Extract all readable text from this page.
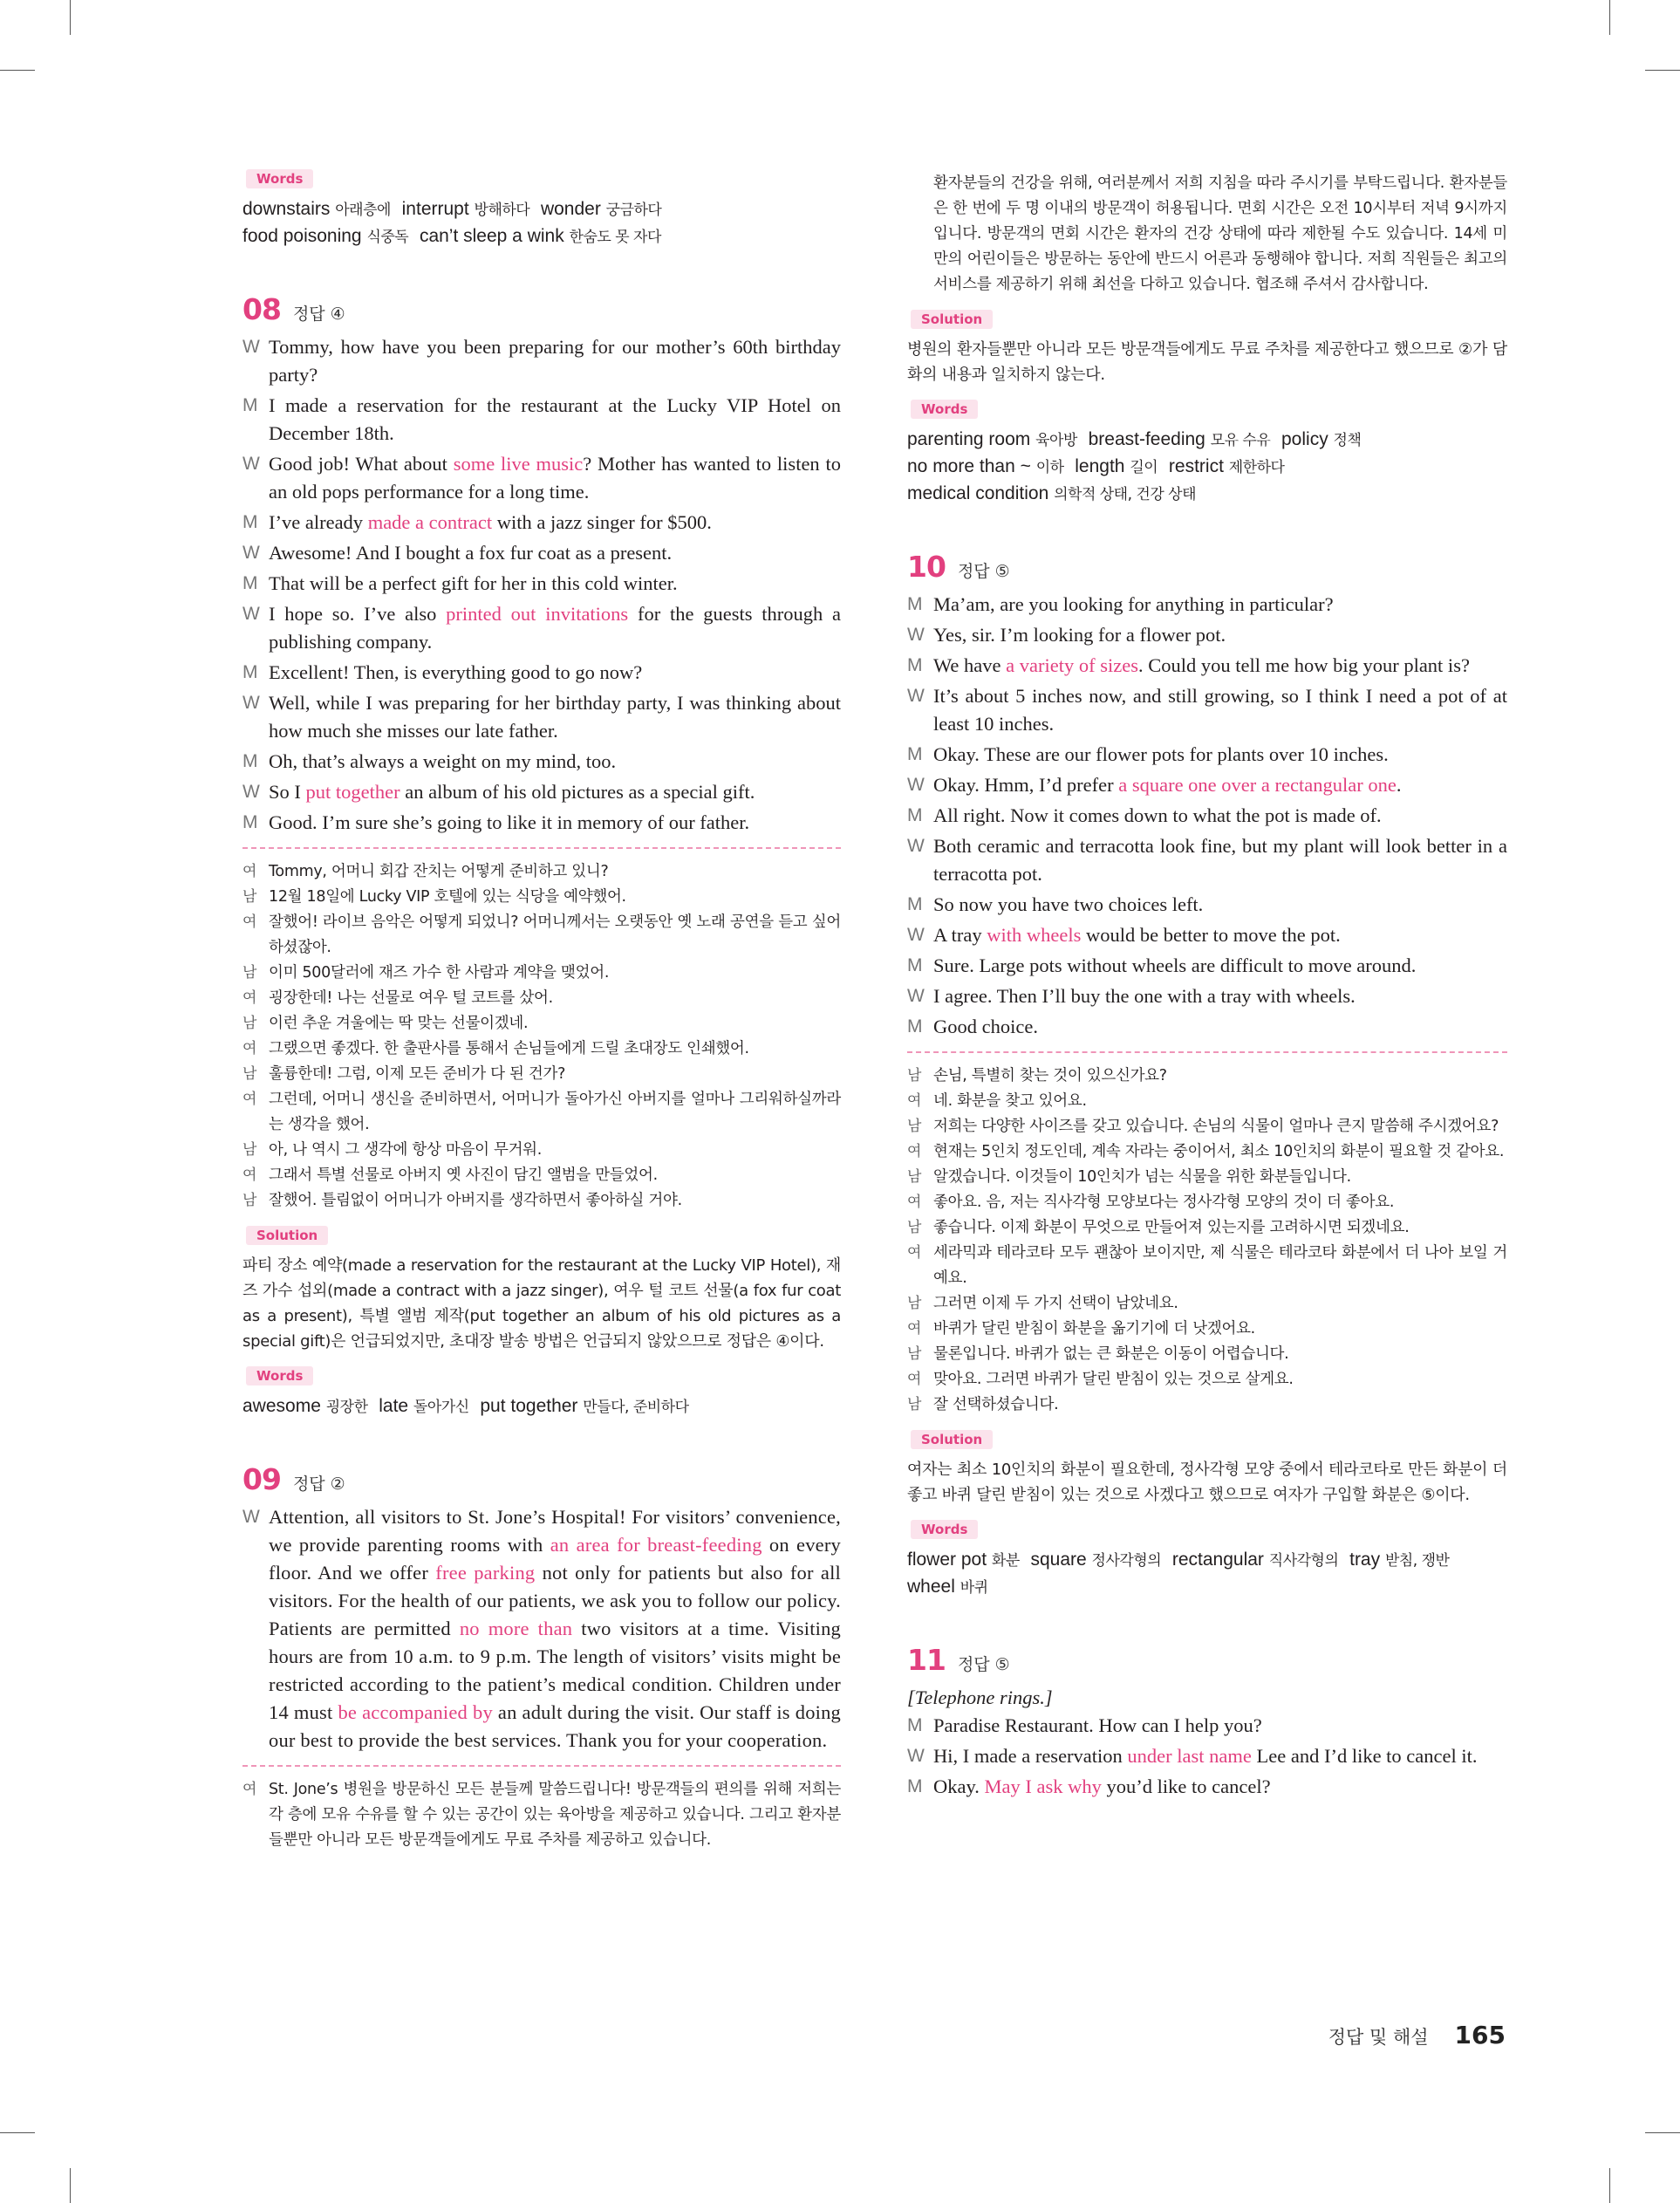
Words
downstairs 아래층에 interrupt 방해하다 wonder 궁금하다
food poisoning 식중독 can’t sleep a wink 한숨도 못 자다
08 정답 ④
W Tommy, how have you been preparing for our mother’s 60th birthday party?
M I made a reservation for the restaurant at the Lucky VIP Hotel on December 18th.
W Good job! What about some live music? Mother has wanted to listen to an old pops performance for a long time.
M I’ve already made a contract with a jazz singer for $500.
W Awesome! And I bought a fox fur coat as a present.
M That will be a perfect gift for her in this cold winter.
W I hope so. I’ve also printed out invitations for the guests through a publishing company.
M Excellent! Then, is everything good to go now?
W Well, while I was preparing for her birthday party, I was thinking about how much she misses our late father.
M Oh, that’s always a weight on my mind, too.
W So I put together an album of his old pictures as a special gift.
M Good. I’m sure she’s going to like it in memory of our father.
여 Tommy, 어머니 회갑 잔치는 어떻게 준비하고 있니?
남 12월 18일에 Lucky VIP 호텔에 있는 식당을 예약했어.
여 잘했어! 라이브 음악은 어떻게 되었니? 어머니께서는 오랫동안 옛 노래 공연을 듣고 싶어 하셨잖아.
남 이미 500달러에 재즈 가수 한 사람과 계약을 맺었어.
여 굉장한데! 나는 선물로 여우 털 코트를 샀어.
남 이런 추운 겨울에는 딱 맞는 선물이겠네.
여 그랬으면 좋겠다. 한 출판사를 통해서 손님들에게 드릴 초대장도 인쇄했어.
남 훌륭한데! 그럼, 이제 모든 준비가 다 된 건가?
여 그런데, 어머니 생신을 준비하면서, 어머니가 돌아가신 아버지를 얼마나 그리워하실까라는 생각을 했어.
남 아, 나 역시 그 생각에 항상 마음이 무거워.
여 그래서 특별 선물로 아버지 옛 사진이 담긴 앨범을 만들었어.
남 잘했어. 틀림없이 어머니가 아버지를 생각하면서 좋아하실 거야.
Solution

파티 장소 예약(made a reservation for the restaurant at the Lucky VIP Hotel), 재즈 가수 섭외(made a contract with a jazz singer), 여우 털 코트 선물(a fox fur coat as a present), 특별 앨범 제작(put together an album of his old pictures as a special gift)은 언급되었지만, 초대장 발송 방법은 언급되지 않았으므로 정답은 ④이다.

Words
awesome 굉장한 late 돌아가신 put together 만들다, 준비하다
09 정답 ②
W Attention, all visitors to St. Jone’s Hospital! For visitors’ convenience, we provide parenting rooms with an area for breast-feeding on every floor. And we offer free parking not only for patients but also for all visitors. For the health of our patients, we ask you to follow our policy. Patients are permitted no more than two visitors at a time. Visiting hours are from 10 a.m. to 9 p.m. The length of visitors’ visits might be restricted according to the patient’s medical condition. Children under 14 must be accompanied by an adult during the visit. Our staff is doing our best to provide the best services. Thank you for your cooperation.
여 St. Jone’s 병원을 방문하신 모든 분들께 말씀드립니다! 방문객들의 편의를 위해 저희는 각 층에 모유 수유를 할 수 있는 공간이 있는 육아방을 제공하고 있습니다. 그리고 환자분들뿐만 아니라 모든 방문객들에게도 무료 주차를 제공하고 있습니다.
환자분들의 건강을 위해, 여러분께서 저희 지침을 따라 주시기를 부탁드립니다. 환자분들은 한 번에 두 명 이내의 방문객이 허용됩니다. 면회 시간은 오전 10시부터 저녁 9시까지입니다. 방문객의 면회 시간은 환자의 건강 상태에 따라 제한될 수도 있습니다. 14세 미만의 어린이들은 방문하는 동안에 반드시 어른과 동행해야 합니다. 저희 직원들은 최고의 서비스를 제공하기 위해 최선을 다하고 있습니다. 협조해 주셔서 감사합니다.
Solution

병원의 환자들뿐만 아니라 모든 방문객들에게도 무료 주차를 제공한다고 했으므로 ②가 담화의 내용과 일치하지 않는다.

Words
parenting room 육아방 breast-feeding 모유 수유 policy 정책
no more than ~ 이하 length 길이 restrict 제한하다
medical condition 의학적 상태, 건강 상태
10 정답 ⑤
M Ma’am, are you looking for anything in particular?
W Yes, sir. I’m looking for a flower pot.
M We have a variety of sizes. Could you tell me how big your plant is?
W It’s about 5 inches now, and still growing, so I think I need a pot of at least 10 inches.
M Okay. These are our flower pots for plants over 10 inches.
W Okay. Hmm, I’d prefer a square one over a rectangular one.
M All right. Now it comes down to what the pot is made of.
W Both ceramic and terracotta look fine, but my plant will look better in a terracotta pot.
M So now you have two choices left.
W A tray with wheels would be better to move the pot.
M Sure. Large pots without wheels are difficult to move around.
W I agree. Then I’ll buy the one with a tray with wheels.
M Good choice.
남 손님, 특별히 찾는 것이 있으신가요?
여 네. 화분을 찾고 있어요.
남 저희는 다양한 사이즈를 갖고 있습니다. 손님의 식물이 얼마나 큰지 말씀해 주시겠어요?
여 현재는 5인치 정도인데, 계속 자라는 중이어서, 최소 10인치의 화분이 필요할 것 같아요.
남 알겠습니다. 이것들이 10인치가 넘는 식물을 위한 화분들입니다.
여 좋아요. 음, 저는 직사각형 모양보다는 정사각형 모양의 것이 더 좋아요.
남 좋습니다. 이제 화분이 무엇으로 만들어져 있는지를 고려하시면 되겠네요.
여 세라믹과 테라코타 모두 괜찮아 보이지만, 제 식물은 테라코타 화분에서 더 나아 보일 거예요.
남 그러면 이제 두 가지 선택이 남았네요.
여 바퀴가 달린 받침이 화분을 옮기기에 더 낫겠어요.
남 물론입니다. 바퀴가 없는 큰 화분은 이동이 어렵습니다.
여 맞아요. 그러면 바퀴가 달린 받침이 있는 것으로 살게요.
남 잘 선택하셨습니다.
Solution

여자는 최소 10인치의 화분이 필요한데, 정사각형 모양 중에서 테라코타로 만든 화분이 더 좋고 바퀴 달린 받침이 있는 것으로 사겠다고 했으므로 여자가 구입할 화분은 ⑤이다.

Words
flower pot 화분 square 정사각형의 rectangular 직사각형의 tray 받침, 쟁반
wheel 바퀴
11 정답 ⑤
[Telephone rings.]
M Paradise Restaurant. How can I help you?
W Hi, I made a reservation under last name Lee and I’d like to cancel it.
M Okay. May I ask why you’d like to cancel?
정답 및 해설 165
